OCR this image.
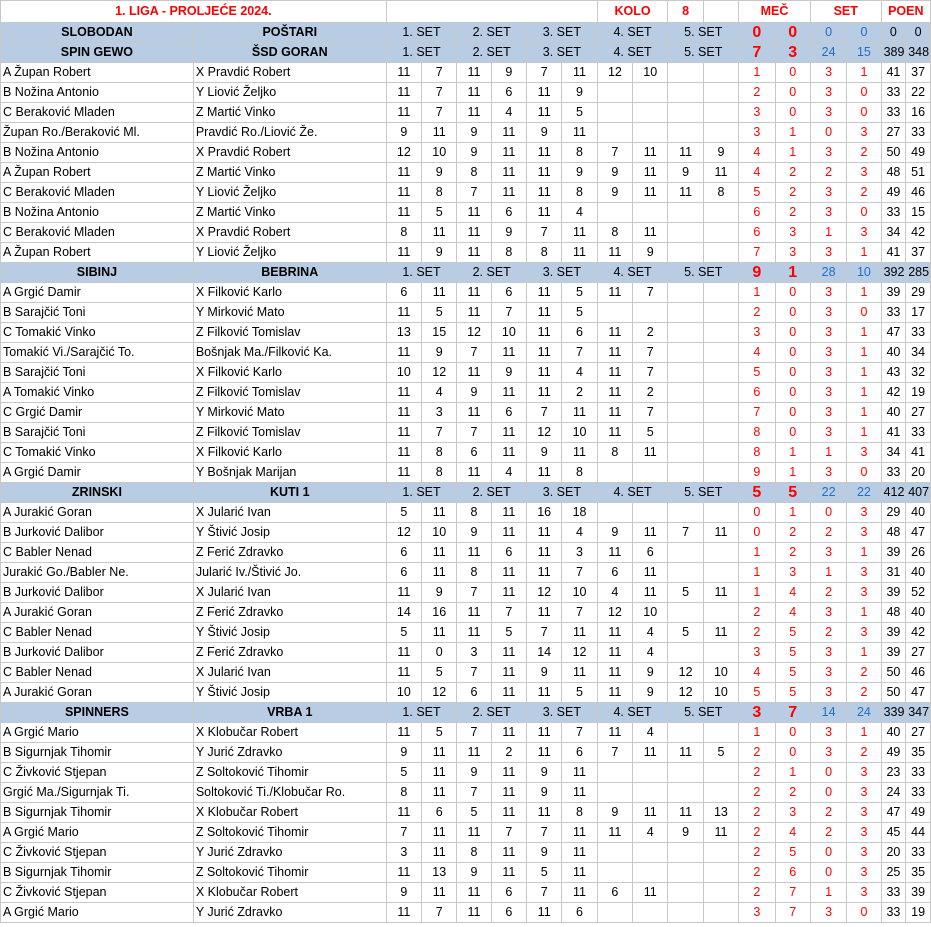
1. LIGA - PROLJEĆE 2024.								KOLO		8		MEČ		SET		POEN	
SLOBODAN	POŠTARI	1. SET		2. SET		3. SET		4. SET		5. SET		0	0	0	0	0	0
SPIN GEWO	ŠSD GORAN	1. SET		2. SET		3. SET		4. SET		5. SET		7	3	24	15	389	348
A Župan Robert	X Pravdić Robert	11	7	11	9	7	11	12	10			1	0	3	1	41	37
B Nožina Antonio	Y Liović Željko	11	7	11	6	11	9					2	0	3	0	33	22
C Beraković Mladen	Z Martić Vinko	11	7	11	4	11	5					3	0	3	0	33	16
Župan Ro./Beraković Ml.	Pravdić Ro./Liović Že.	9	11	9	11	9	11					3	1	0	3	27	33
B Nožina Antonio	X Pravdić Robert	12	10	9	11	11	8	7	11	11	9	4	1	3	2	50	49
A Župan Robert	Z Martić Vinko	11	9	8	11	11	9	9	11	9	11	4	2	2	3	48	51
C Beraković Mladen	Y Liović Željko	11	8	7	11	11	8	9	11	11	8	5	2	3	2	49	46
B Nožina Antonio	Z Martić Vinko	11	5	11	6	11	4					6	2	3	0	33	15
C Beraković Mladen	X Pravdić Robert	8	11	11	9	7	11	8	11			6	3	1	3	34	42
A Župan Robert	Y Liović Željko	11	9	11	8	8	11	11	9			7	3	3	1	41	37
SIBINJ	BEBRINA	1. SET		2. SET		3. SET		4. SET		5. SET		9	1	28	10	392	285
A Grgić Damir	X Filković Karlo	6	11	11	6	11	5	11	7			1	0	3	1	39	29
B Sarajčić Toni	Y Mirković Mato	11	5	11	7	11	5					2	0	3	0	33	17
C Tomakić Vinko	Z Filković Tomislav	13	15	12	10	11	6	11	2			3	0	3	1	47	33
Tomakić Vi./Sarajčić To.	Bošnjak Ma./Filković Ka.	11	9	7	11	11	7	11	7			4	0	3	1	40	34
B Sarajčić Toni	X Filković Karlo	10	12	11	9	11	4	11	7			5	0	3	1	43	32
A Tomakić Vinko	Z Filković Tomislav	11	4	9	11	11	2	11	2			6	0	3	1	42	19
C Grgić Damir	Y Mirković Mato	11	3	11	6	7	11	11	7			7	0	3	1	40	27
B Sarajčić Toni	Z Filković Tomislav	11	7	7	11	12	10	11	5			8	0	3	1	41	33
C Tomakić Vinko	X Filković Karlo	11	8	6	11	9	11	8	11			8	1	1	3	34	41
A Grgić Damir	Y Bošnjak Marijan	11	8	11	4	11	8					9	1	3	0	33	20
ZRINSKI	KUTI 1	1. SET		2. SET		3. SET		4. SET		5. SET		5	5	22	22	412	407
A Jurakić Goran	X Jularić Ivan	5	11	8	11	16	18					0	1	0	3	29	40
B Jurković Dalibor	Y Štivić Josip	12	10	9	11	11	4	9	11	7	11	0	2	2	3	48	47
C Babler Nenad	Z Ferić Zdravko	6	11	11	6	11	3	11	6			1	2	3	1	39	26
Jurakić Go./Babler Ne.	Jularić Iv./Štivić Jo.	6	11	8	11	11	7	6	11			1	3	1	3	31	40
B Jurković Dalibor	X Jularić Ivan	11	9	7	11	12	10	4	11	5	11	1	4	2	3	39	52
A Jurakić Goran	Z Ferić Zdravko	14	16	11	7	11	7	12	10			2	4	3	1	48	40
C Babler Nenad	Y Štivić Josip	5	11	11	5	7	11	11	4	5	11	2	5	2	3	39	42
B Jurković Dalibor	Z Ferić Zdravko	11	0	3	11	14	12	11	4			3	5	3	1	39	27
C Babler Nenad	X Jularić Ivan	11	5	7	11	9	11	11	9	12	10	4	5	3	2	50	46
A Jurakić Goran	Y Štivić Josip	10	12	6	11	11	5	11	9	12	10	5	5	3	2	50	47
SPINNERS	VRBA 1	1. SET		2. SET		3. SET		4. SET		5. SET		3	7	14	24	339	347
A Grgić Mario	X Klobučar Robert	11	5	7	11	11	7	11	4			1	0	3	1	40	27
B Sigurnjak Tihomir	Y Jurić Zdravko	9	11	11	2	11	6	7	11	11	5	2	0	3	2	49	35
C Živković Stjepan	Z Soltoković Tihomir	5	11	9	11	9	11					2	1	0	3	23	33
Grgić Ma./Sigurnjak Ti.	Soltoković Ti./Klobučar Ro.	8	11	7	11	9	11					2	2	0	3	24	33
B Sigurnjak Tihomir	X Klobučar Robert	11	6	5	11	11	8	9	11	11	13	2	3	2	3	47	49
A Grgić Mario	Z Soltoković Tihomir	7	11	11	7	7	11	11	4	9	11	2	4	2	3	45	44
C Živković Stjepan	Y Jurić Zdravko	3	11	8	11	9	11					2	5	0	3	20	33
B Sigurnjak Tihomir	Z Soltoković Tihomir	11	13	9	11	5	11					2	6	0	3	25	35
C Živković Stjepan	X Klobučar Robert	9	11	11	6	7	11	6	11			2	7	1	3	33	39
A Grgić Mario	Y Jurić Zdravko	11	7	11	6	11	6					3	7	3	0	33	19
